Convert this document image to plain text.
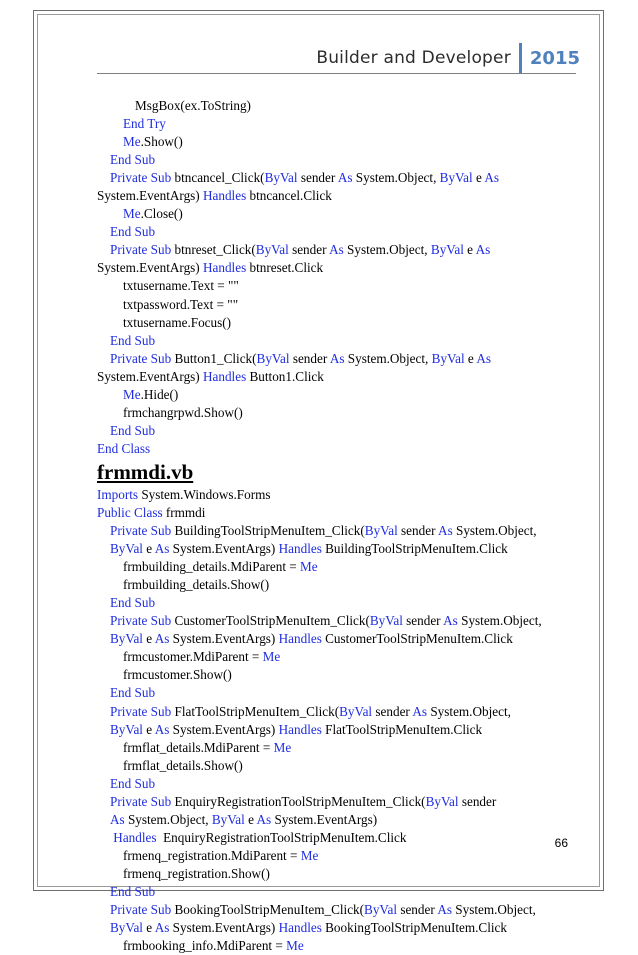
Builder and Developer 2015
MsgBox(ex.ToString)
End Try
Me.Show()
End Sub
Private Sub btncancel_Click(ByVal sender As System.Object, ByVal e As
System.EventArgs) Handles btncancel.Click
Me.Close()
End Sub
Private Sub btnreset_Click(ByVal sender As System.Object, ByVal e As
System.EventArgs) Handles btnreset.Click
txtusername.Text = ""
txtpassword.Text = ""
txtusername.Focus()
End Sub
Private Sub Button1_Click(ByVal sender As System.Object, ByVal e As
System.EventArgs) Handles Button1.Click
Me.Hide()
frmchangrpwd.Show()
End Sub
End Class
frmmdi.vb
Imports System.Windows.Forms
Public Class frmmdi
Private Sub BuildingToolStripMenuItem_Click(ByVal sender As System.Object,
ByVal e As System.EventArgs) Handles BuildingToolStripMenuItem.Click
frmbuilding_details.MdiParent = Me
frmbuilding_details.Show()
End Sub
Private Sub CustomerToolStripMenuItem_Click(ByVal sender As System.Object,
ByVal e As System.EventArgs) Handles CustomerToolStripMenuItem.Click
frmcustomer.MdiParent = Me
frmcustomer.Show()
End Sub
Private Sub FlatToolStripMenuItem_Click(ByVal sender As System.Object,
ByVal e As System.EventArgs) Handles FlatToolStripMenuItem.Click
frmflat_details.MdiParent = Me
frmflat_details.Show()
End Sub
Private Sub EnquiryRegistrationToolStripMenuItem_Click(ByVal sender
As System.Object, ByVal e As System.EventArgs)
Handles  EnquiryRegistrationToolStripMenuItem.Click
frmenq_registration.MdiParent = Me
frmenq_registration.Show()
End Sub
Private Sub BookingToolStripMenuItem_Click(ByVal sender As System.Object,
ByVal e As System.EventArgs) Handles BookingToolStripMenuItem.Click
frmbooking_info.MdiParent = Me
66
